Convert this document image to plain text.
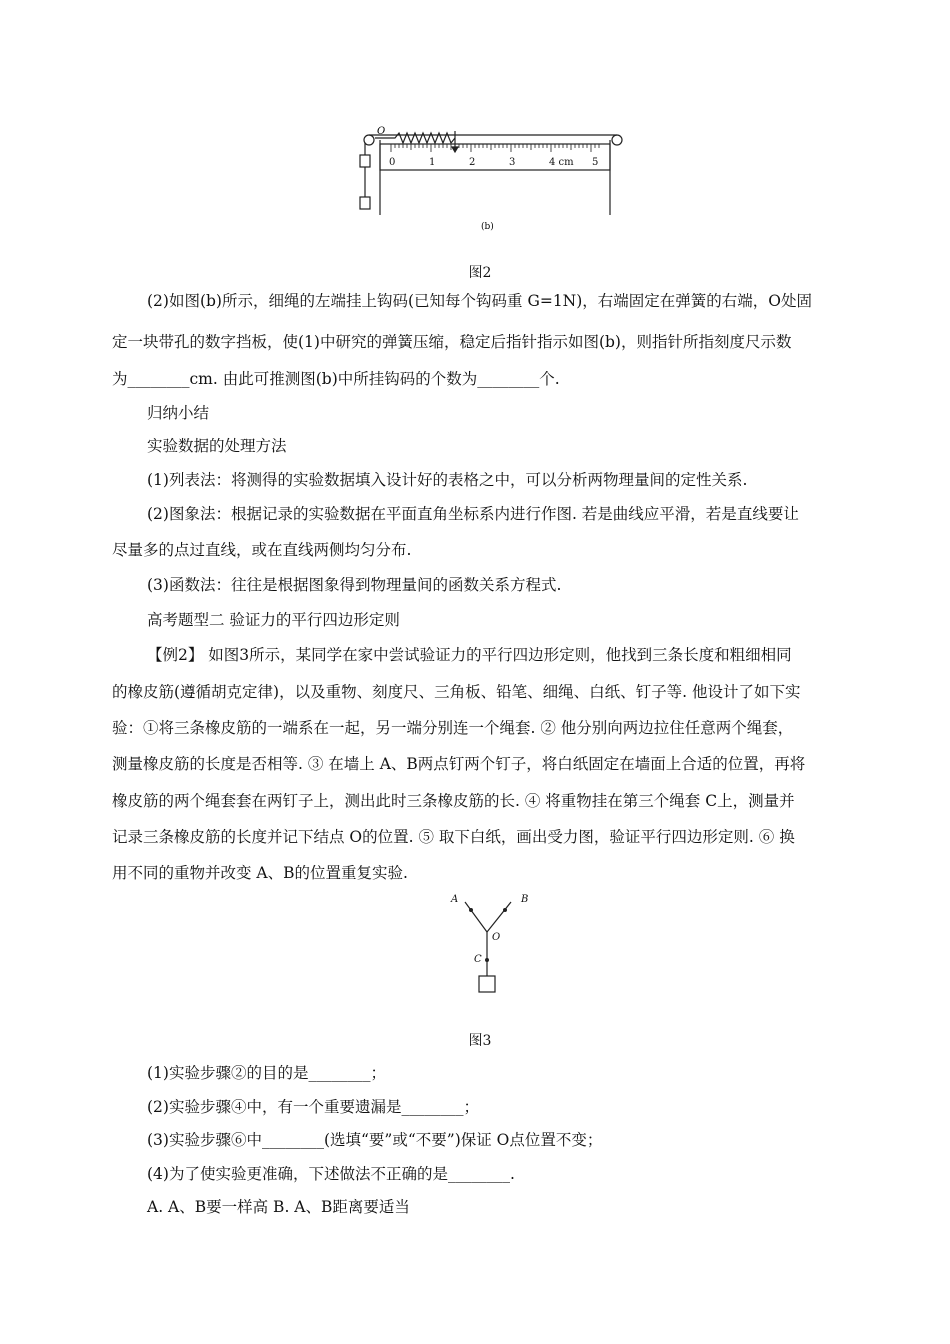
0	1	2	3	4 cm 5
O
(b)
图2
(2)如图(b)所示，细绳的左端挂上钩码(已知每个钩码重 G=1N)，右端固定在弹簧的右端，O处固
定一块带孔的数字挡板，使(1)中研究的弹簧压缩，稳定后指针指示如图(b)，则指针所指刻度尺示数
为________cm. 由此可推测图(b)中所挂钩码的个数为________个.
归纳小结
实验数据的处理方法
(1)列表法：将测得的实验数据填入设计好的表格之中，可以分析两物理量间的定性关系.
(2)图象法：根据记录的实验数据在平面直角坐标系内进行作图. 若是曲线应平滑，若是直线要让
尽量多的点过直线，或在直线两侧均匀分布.
(3)函数法：往往是根据图象得到物理量间的函数关系方程式.
高考题型二 验证力的平行四边形定则
【例2】 如图3所示，某同学在家中尝试验证力的平行四边形定则，他找到三条长度和粗细相同
的橡皮筋(遵循胡克定律)，以及重物、刻度尺、三角板、铅笔、细绳、白纸、钉子等. 他设计了如下实
验：①将三条橡皮筋的一端系在一起，另一端分别连一个绳套. ② 他分别向两边拉住任意两个绳套，
测量橡皮筋的长度是否相等. ③ 在墙上 A、B两点钉两个钉子，将白纸固定在墙面上合适的位置，再将
橡皮筋的两个绳套套在两钉子上，测出此时三条橡皮筋的长. ④ 将重物挂在第三个绳套 C上，测量并
记录三条橡皮筋的长度并记下结点 O的位置. ⑤ 取下白纸，画出受力图，验证平行四边形定则. ⑥ 换
用不同的重物并改变 A、B的位置重复实验.
A	B
O
C
图3
(1)实验步骤②的目的是________；
(2)实验步骤④中，有一个重要遗漏是________；
(3)实验步骤⑥中________(选填“要”或“不要”)保证 O点位置不变；
(4)为了使实验更准确，下述做法不正确的是________.
A. A、B要一样高 B. A、B距离要适当
